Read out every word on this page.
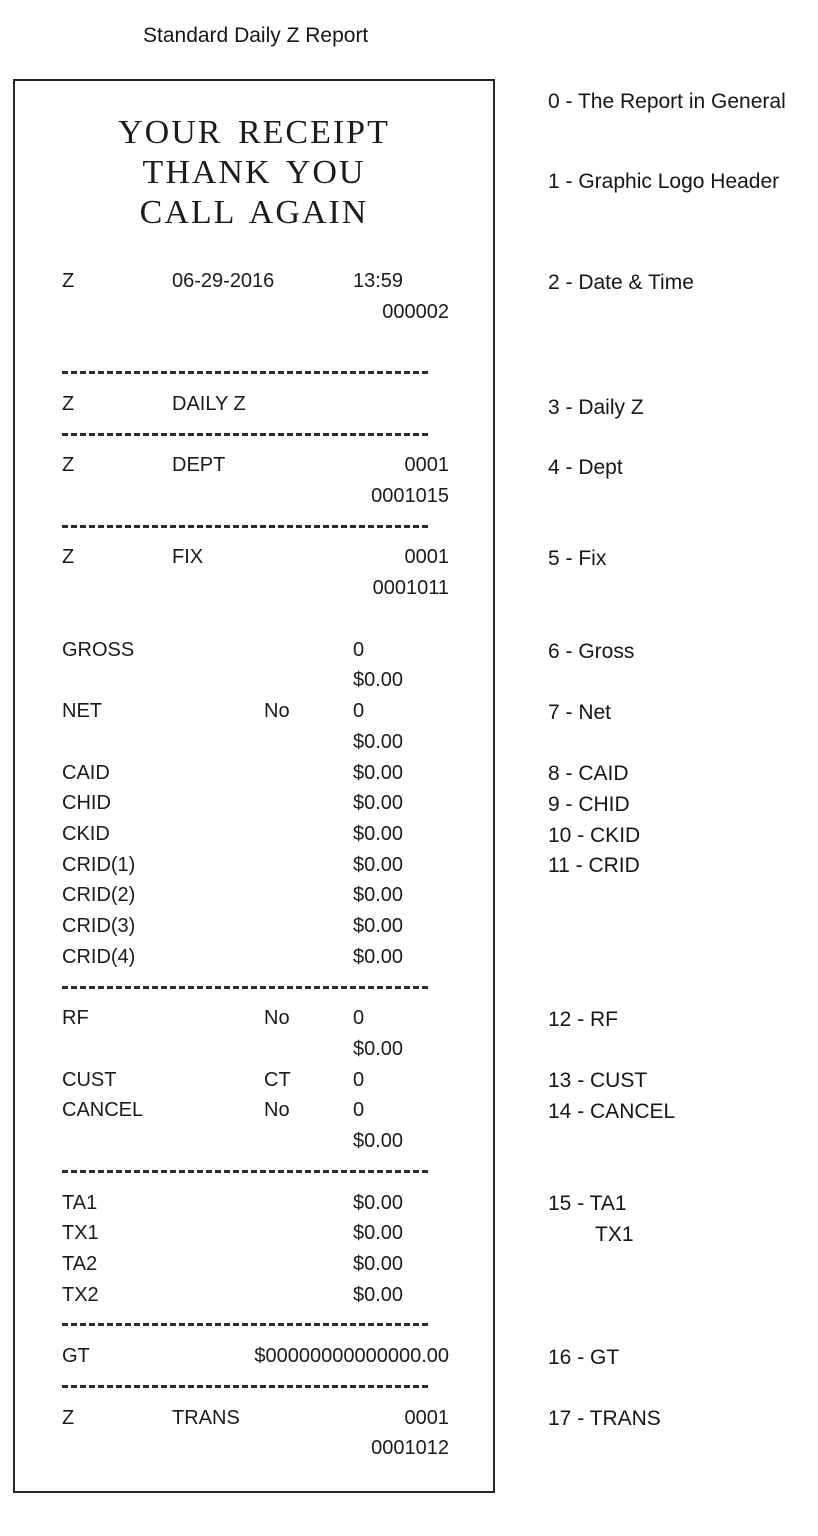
Standard Daily Z Report
YOUR RECEIPT
THANK YOU
CALL AGAIN
Z	06-29-2016	13:59
000002
Z	DAILY Z
Z	DEPT	0001
0001015
Z	FIX	0001
0001011
GROSS	0
$0.00
NET	No	0
$0.00
CAID	$0.00
CHID	$0.00
CKID	$0.00
CRID(1)	$0.00
CRID(2)	$0.00
CRID(3)	$0.00
CRID(4)	$0.00
RF	No	0
$0.00
CUST	CT	0
CANCEL	No	0
$0.00
TA1	$0.00
TX1	$0.00
TA2	$0.00
TX2	$0.00
GT	$00000000000000.00
Z	TRANS	0001
0001012
0 - The Report in General
1 - Graphic Logo Header
2 - Date & Time
3 - Daily Z
4 - Dept
5 - Fix
6 - Gross
7 - Net
8 - CAID
9 - CHID
10 - CKID
11 - CRID
12 - RF
13 - CUST
14 - CANCEL
15 - TA1
TX1
16 - GT
17 - TRANS
